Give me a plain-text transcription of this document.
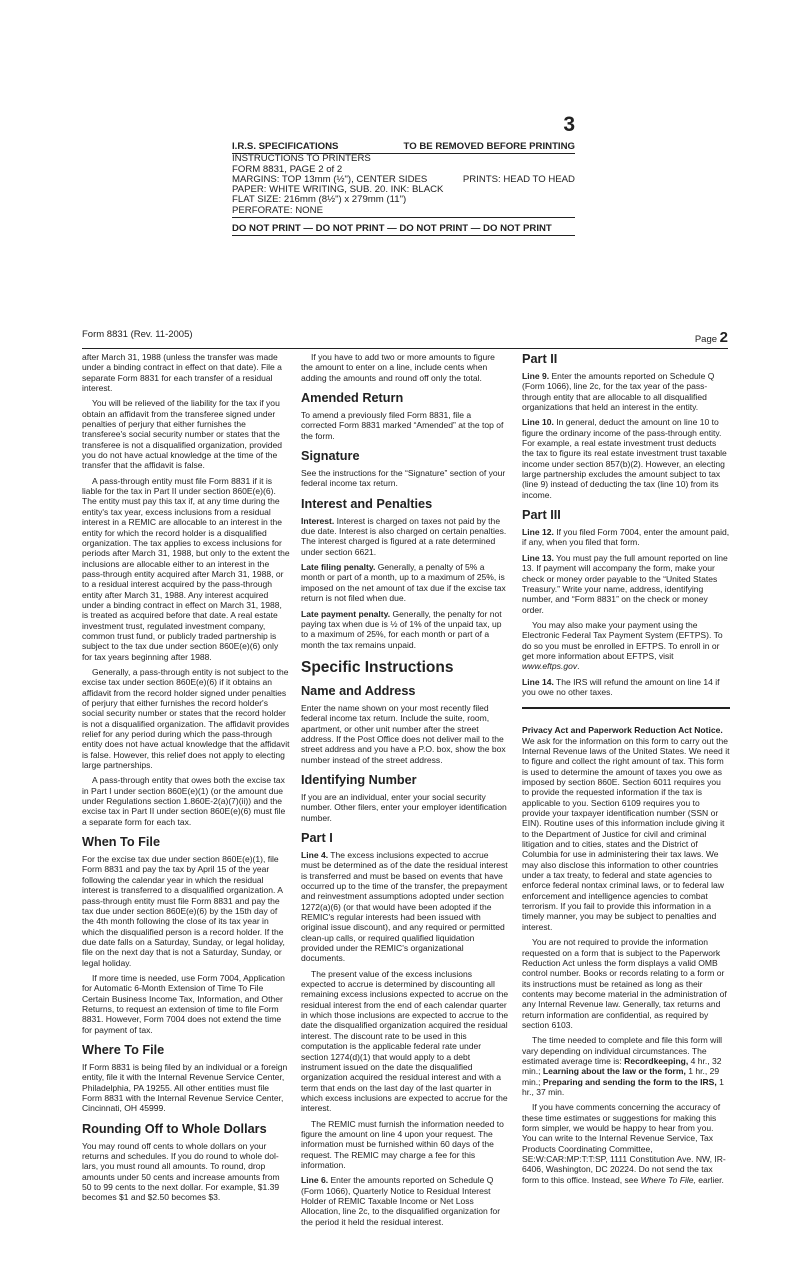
3
I.R.S. SPECIFICATIONS	TO BE REMOVED BEFORE PRINTING
INSTRUCTIONS TO PRINTERS
FORM 8831, PAGE 2 of 2
MARGINS: TOP 13mm (½"), CENTER SIDES	PRINTS: HEAD TO HEAD
PAPER: WHITE WRITING, SUB. 20. INK: BLACK
FLAT SIZE: 216mm (8½") x 279mm (11")
PERFORATE: NONE
DO NOT PRINT — DO NOT PRINT — DO NOT PRINT — DO NOT PRINT
Form 8831 (Rev. 11-2005)	Page 2

after March 31, 1988 (unless the transfer was made under a binding contract in effect on that date). File a separate Form 8831 for each transfer of a residual interest.

You will be relieved of the liability for the tax if you obtain an affidavit from the transferee signed under penalties of perjury that either furnishes the transferee's social security number or states that the transferee is not a disqualified organization, provided you do not have actual knowledge at the time of the transfer that the affidavit is false.

A pass-through entity must file Form 8831 if it is liable for the tax in Part II under section 860E(e)(6). The entity must pay this tax if, at any time during the entity's tax year, excess inclusions from a residual interest in a REMIC are allocable to an interest in the entity for which the record holder is a disqualified organization. The tax applies to excess inclusions for periods after March 31, 1988, but only to the extent the inclusions are allocable either to an interest in the pass-through entity acquired after March 31, 1988, or to a residual interest acquired by the pass-through entity after March 31, 1988. Any interest acquired under a binding contract in effect on March 31, 1988, is treated as acquired before that date. A real estate investment trust, regulated investment company, common trust fund, or publicly traded partnership is subject to the tax due under section 860E(e)(6) only for tax years beginning after 1988.

Generally, a pass-through entity is not subject to the excise tax under section 860E(e)(6) if it obtains an affidavit from the record holder signed under penalties of perjury that either furnishes the record holder's social security number or states that the record holder is not a disqualified organization. The affidavit provides relief for any period during which the pass-through entity does not have actual knowledge that the affidavit is false. However, this relief does not apply to electing large partnerships.

A pass-through entity that owes both the excise tax in Part I under section 860E(e)(1) (or the amount due under Regulations section 1.860E-2(a)(7)(ii)) and the excise tax in Part II under section 860E(e)(6) must file a separate form for each tax.

When To File

For the excise tax due under section 860E(e)(1), file Form 8831 and pay the tax by April 15 of the year following the calendar year in which the residual interest is transferred to a disqualified organization. A pass-through entity must file Form 8831 and pay the tax due under section 860E(e)(6) by the 15th day of the 4th month following the close of its tax year in which the disqualified person is a record holder. If the due date falls on a Saturday, Sunday, or legal holiday, file on the next day that is not a Saturday, Sunday, or legal holiday.

If more time is needed, use Form 7004, Application for Automatic 6-Month Extension of Time To File Certain Business Income Tax, Information, and Other Returns, to request an extension of time to file Form 8831. However, Form 7004 does not extend the time for payment of tax.

Where To File

If Form 8831 is being filed by an individual or a foreign entity, file it with the Internal Revenue Service Center, Philadelphia, PA 19255. All other entities must file Form 8831 with the Internal Revenue Service Center, Cincinnati, OH 45999.

Rounding Off to Whole Dollars

You may round off cents to whole dollars on your returns and schedules. If you do round to whole dol-lars, you must round all amounts. To round, drop amounts under 50 cents and increase amounts from 50 to 99 cents to the next dollar. For example, $1.39 becomes $1 and $2.50 becomes $3.

If you have to add two or more amounts to figure the amount to enter on a line, include cents when adding the amounts and round off only the total.

Amended Return

To amend a previously filed Form 8831, file a corrected Form 8831 marked “Amended” at the top of the form.

Signature

See the instructions for the “Signature” section of your federal income tax return.

Interest and Penalties

Interest. Interest is charged on taxes not paid by the due date. Interest is also charged on certain penalties. The interest charged is figured at a rate determined under section 6621.

Late filing penalty. Generally, a penalty of 5% a month or part of a month, up to a maximum of 25%, is imposed on the net amount of tax due if the excise tax return is not filed when due.

Late payment penalty. Generally, the penalty for not paying tax when due is ½ of 1% of the unpaid tax, up to a maximum of 25%, for each month or part of a month the tax remains unpaid.

Specific Instructions
Name and Address

Enter the name shown on your most recently filed federal income tax return. Include the suite, room, apartment, or other unit number after the street address. If the Post Office does not deliver mail to the street address and you have a P.O. box, show the box number instead of the street address.

Identifying Number

If you are an individual, enter your social security number. Other filers, enter your employer identification number.

Part I

Line 4. The excess inclusions expected to accrue must be determined as of the date the residual interest is transferred and must be based on events that have occurred up to the time of the transfer, the prepayment and reinvestment assumptions adopted under section 1272(a)(6) (or that would have been adopted if the REMIC's regular interests had been issued with original issue discount), and any required or permitted clean-up calls, or required qualified liquidation provided under the REMIC's organizational documents.

The present value of the excess inclusions expected to accrue is determined by discounting all remaining excess inclusions expected to accrue on the residual interest from the end of each calendar quarter in which those inclusions are expected to accrue to the date the disqualified organization acquired the residual interest. The discount rate to be used in this computation is the applicable federal rate under section 1274(d)(1) that would apply to a debt instrument issued on the date the disqualified organization acquired the residual interest and with a term that ends on the last day of the last quarter in which excess inclusions are expected to accrue for the interest.

The REMIC must furnish the information needed to figure the amount on line 4 upon your request. The information must be furnished within 60 days of the request. The REMIC may charge a fee for this information.

Line 6. Enter the amounts reported on Schedule Q (Form 1066), Quarterly Notice to Residual Interest Holder of REMIC Taxable Income or Net Loss Allocation, line 2c, to the disqualified organization for the period it held the residual interest.

Part II

Line 9. Enter the amounts reported on Schedule Q (Form 1066), line 2c, for the tax year of the pass-through entity that are allocable to all disqualified organizations that held an interest in the entity.

Line 10. In general, deduct the amount on line 10 to figure the ordinary income of the pass-through entity. For example, a real estate investment trust deducts the tax to figure its real estate investment trust taxable income under section 857(b)(2). However, an electing large partnership excludes the amount subject to tax (line 9) instead of deducting the tax (line 10) from its income.

Part III

Line 12. If you filed Form 7004, enter the amount paid, if any, when you filed that form.

Line 13. You must pay the full amount reported on line 13. If payment will accompany the form, make your check or money order payable to the “United States Treasury.” Write your name, address, identifying number, and “Form 8831” on the check or money order.

You may also make your payment using the Electronic Federal Tax Payment System (EFTPS). To do so you must be enrolled in EFTPS. To enroll in or get more information about EFTPS, visit www.eftps.gov.

Line 14. The IRS will refund the amount on line 14 if you owe no other taxes.

Privacy Act and Paperwork Reduction Act Notice. We ask for the information on this form to carry out the Internal Revenue laws of the United States. We need it to figure and collect the right amount of tax. This form is used to determine the amount of taxes you owe as imposed by section 860E. Section 6011 requires you to provide the requested information if the tax is applicable to you. Section 6109 requires you to provide your taxpayer identification number (SSN or EIN). Routine uses of this information include giving it to the Department of Justice for civil and criminal litigation and to cities, states and the District of Columbia for use in administering their tax laws. We may also disclose this information to other countries under a tax treaty, to federal and state agencies to enforce federal nontax criminal laws, or to federal law enforcement and intelligence agencies to combat terrorism. If you fail to provide this information in a timely manner, you may be subject to penalties and interest.

You are not required to provide the information requested on a form that is subject to the Paperwork Reduction Act unless the form displays a valid OMB control number. Books or records relating to a form or its instructions must be retained as long as their contents may become material in the administration of any Internal Revenue law. Generally, tax returns and return information are confidential, as required by section 6103.

The time needed to complete and file this form will vary depending on individual circumstances. The estimated average time is: Recordkeeping, 4 hr., 32 min.; Learning about the law or the form, 1 hr., 29 min.; Preparing and sending the form to the IRS, 1 hr., 37 min.

If you have comments concerning the accuracy of these time estimates or suggestions for making this form simpler, we would be happy to hear from you. You can write to the Internal Revenue Service, Tax Products Coordinating Committee, SE:W:CAR:MP:T:T:SP, 1111 Constitution Ave. NW, IR-6406, Washington, DC 20224. Do not send the tax form to this office. Instead, see Where To File, earlier.
